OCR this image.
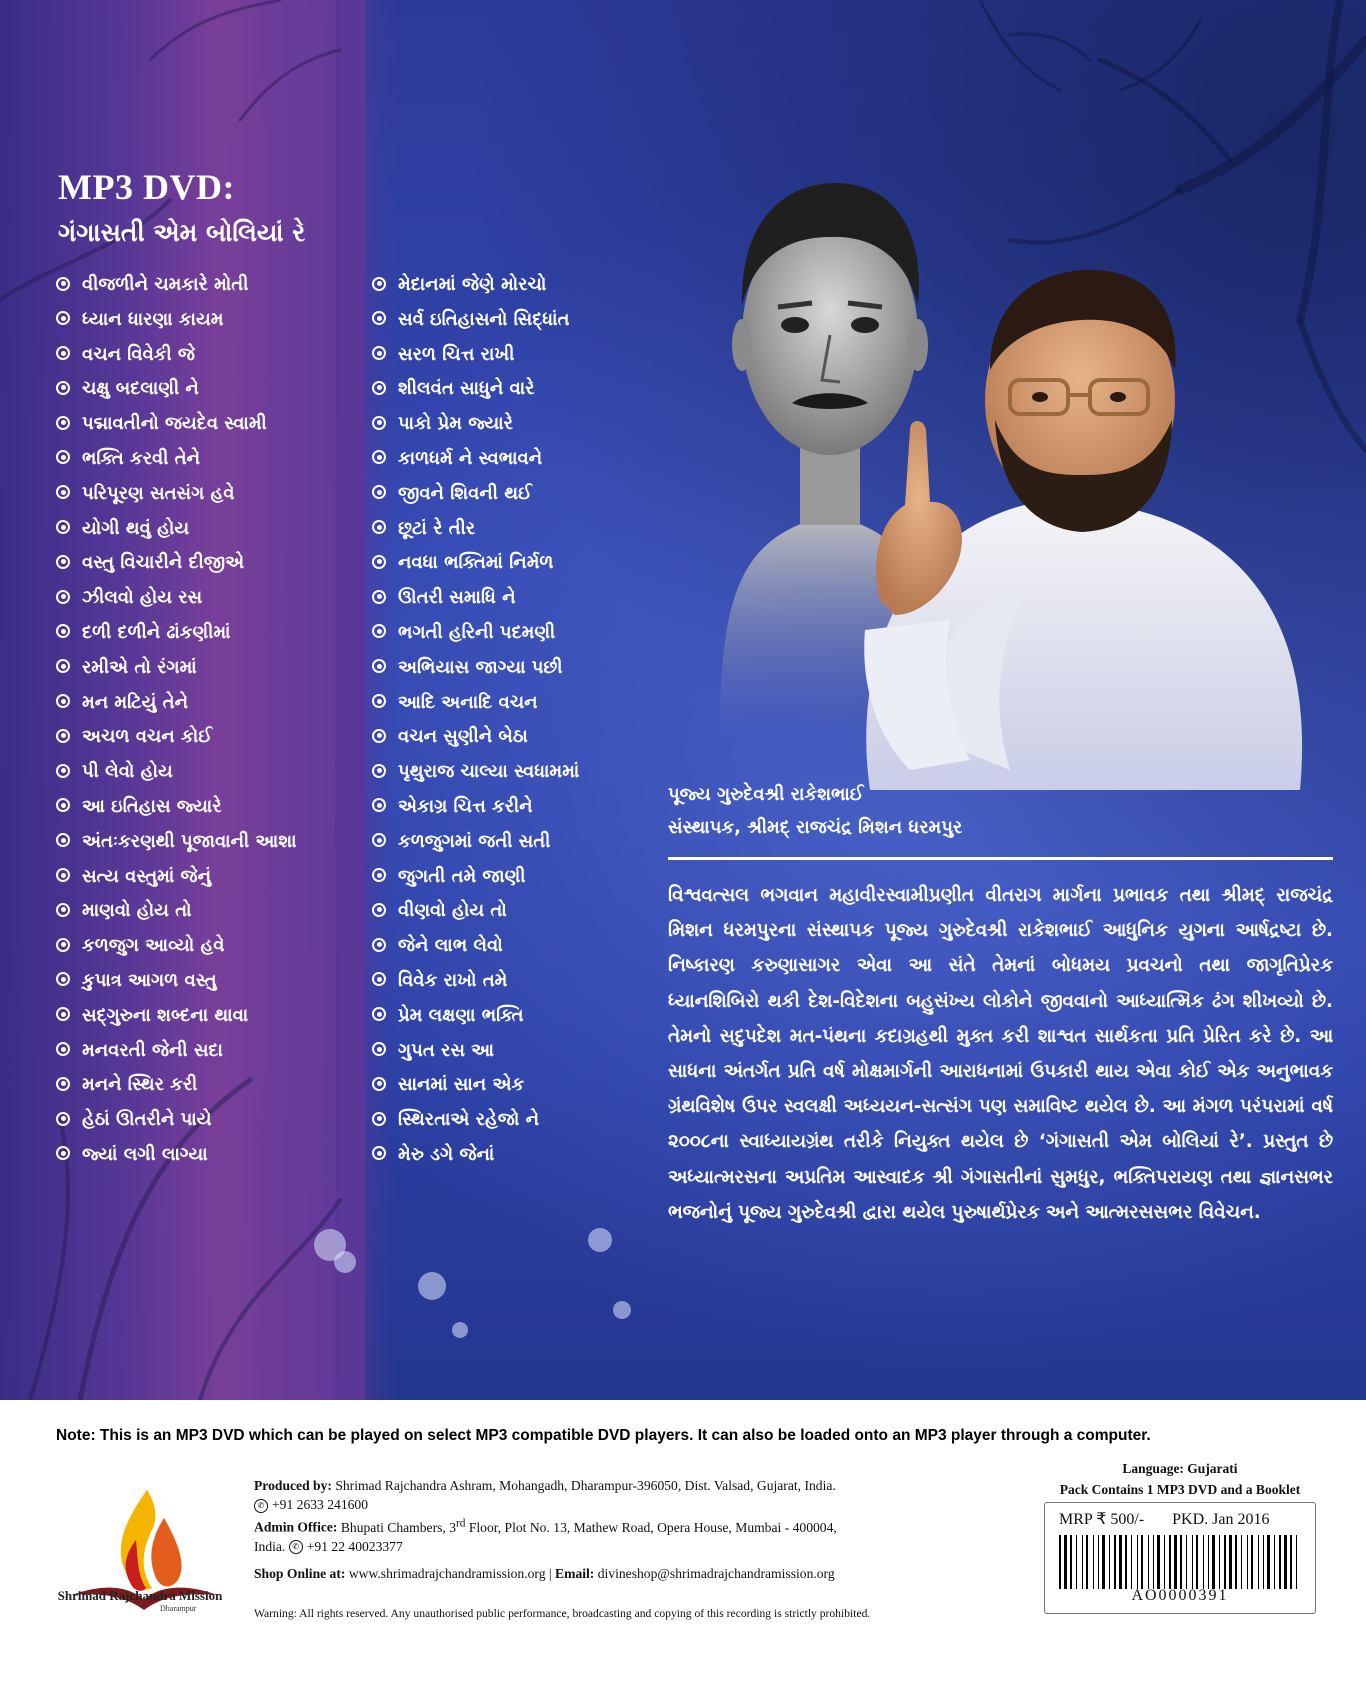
MP3 DVD:
ગંગાસતી એમ બોલિયાં રે
વીજળીને ચમકારે મોતી
ધ્યાન ધારણા કાયમ
વચન વિવેકી જે
ચક્ષુ બદલાણી ને
પદ્માવતીનો જયદેવ સ્વામી
ભક્તિ કરવી તેને
પરિપૂરણ સતસંગ હવે
યોગી થવું હોય
વસ્તુ વિચારીને દીજીએ
ઝીલવો હોય રસ
દળી દળીને ઢાંકણીમાં
રમીએ તો રંગમાં
મન મટિયું તેને
અચળ વચન કોઈ
પી લેવો હોય
આ ઇતિહાસ જ્યારે
અંતઃકરણથી પૂજાવાની આશા
સત્ય વસ્તુમાં જેનું
માણવો હોય તો
કળજુગ આવ્યો હવે
કુપાત્ર આગળ વસ્તુ
સદ્‌ગુરુના શબ્દના થાવા
મનવરતી જેની સદા
મનને સ્થિર કરી
હેઠાં ઊતરીને પાયે
જ્યાં લગી લાગ્યા
મેદાનમાં જેણે મોરચો
સર્વ ઇતિહાસનો સિદ્ધાંત
સરળ ચિત્ત રાખી
શીલવંત સાધુને વારે
પાકો પ્રેમ જ્યારે
કાળધર્મ ને સ્વભાવને
જીવને શિવની થઈ
છૂટાં રે તીર
નવધા ભક્તિમાં નિર્મળ
ઊતરી સમાધિ ને
ભગતી હરિની પદમણી
અભિયાસ જાગ્યા પછી
આદિ અનાદિ વચન
વચન સુણીને બેઠા
પૃથુરાજ ચાલ્યા સ્વધામમાં
એકાગ્ર ચિત્ત કરીને
કળજુગમાં જતી સતી
જુગતી તમે જાણી
વીણવો હોય તો
જેને લાભ લેવો
વિવેક રાખો તમે
પ્રેમ લક્ષણા ભક્તિ
ગુપત રસ આ
સાનમાં સાન એક
સ્થિરતાએ રહેજો ને
મેરુ ડગે જેનાં
પૂજ્ય ગુરુદેવશ્રી રાકેશભાઈ
સંસ્થાપક, શ્રીમદ્ રાજચંદ્ર મિશન ધરમપુર
વિશ્વવત્સલ ભગવાન મહાવીરસ્વામીપ્રણીત વીતરાગ માર્ગના પ્રભાવક તથા શ્રીમદ્ રાજચંદ્ર મિશન ધરમપુરના સંસ્થાપક પૂજ્ય ગુરુદેવશ્રી રાકેશભાઈ આધુનિક યુગના આર્ષદ્રષ્ટા છે. નિષ્કારણ કરુણાસાગર એવા આ સંતે તેમનાં બોધમય પ્રવચનો તથા જાગૃતિપ્રેરક ધ્યાનશિબિરો થકી દેશ-વિદેશના બહુસંખ્ય લોકોને જીવવાનો આધ્યાત્મિક ઢંગ શીખવ્યો છે. તેમનો સદુપદેશ મત-પંથના કદાગ્રહથી મુક્ત કરી શાશ્વત સાર્થકતા પ્રતિ પ્રેરિત કરે છે. આ સાધના અંતર્ગત પ્રતિ વર્ષ મોક્ષમાર્ગની આરાધનામાં ઉપકારી થાય એવા કોઈ એક અનુભાવક ગ્રંથવિશેષ ઉપર સ્વલક્ષી અધ્યયન-સત્સંગ પણ સમાવિષ્ટ થયેલ છે. આ મંગળ પરંપરામાં વર્ષ ૨૦૦૮ના સ્વાધ્યાયગ્રંથ તરીકે નિયુક્ત થયેલ છે ‘ગંગાસતી એમ બોલિયાં રે’. પ્રસ્તુત છે અધ્યાત્મરસના અપ્રતિમ આસ્વાદક શ્રી ગંગાસતીનાં સુમધુર, ભક્તિપરાયણ તથા જ્ઞાનસભર ભજનોનું પૂજ્ય ગુરુદેવશ્રી દ્વારા થયેલ પુરુષાર્થપ્રેરક અને આત્મરસસભર વિવેચન.
Note: This is an MP3 DVD which can be played on select MP3 compatible DVD players. It can also be loaded onto an MP3 player through a computer.
Shrimad Rajchandra Mission
Dharampur
Produced by: Shrimad Rajchandra Ashram, Mohangadh, Dharampur-396050, Dist. Valsad, Gujarat, India.
✆ +91 2633 241600
Admin Office: Bhupati Chambers, 3rd Floor, Plot No. 13, Mathew Road, Opera House, Mumbai - 400004,
India. ✆ +91 22 40023377
Shop Online at: www.shrimadrajchandramission.org | Email: divineshop@shrimadrajchandramission.org
Warning: All rights reserved. Any unauthorised public performance, broadcasting and copying of this recording is strictly prohibited.
Language: Gujarati
Pack Contains 1 MP3 DVD and a Booklet
MRP ₹ 500/- PKD. Jan 2016
AO0000391
